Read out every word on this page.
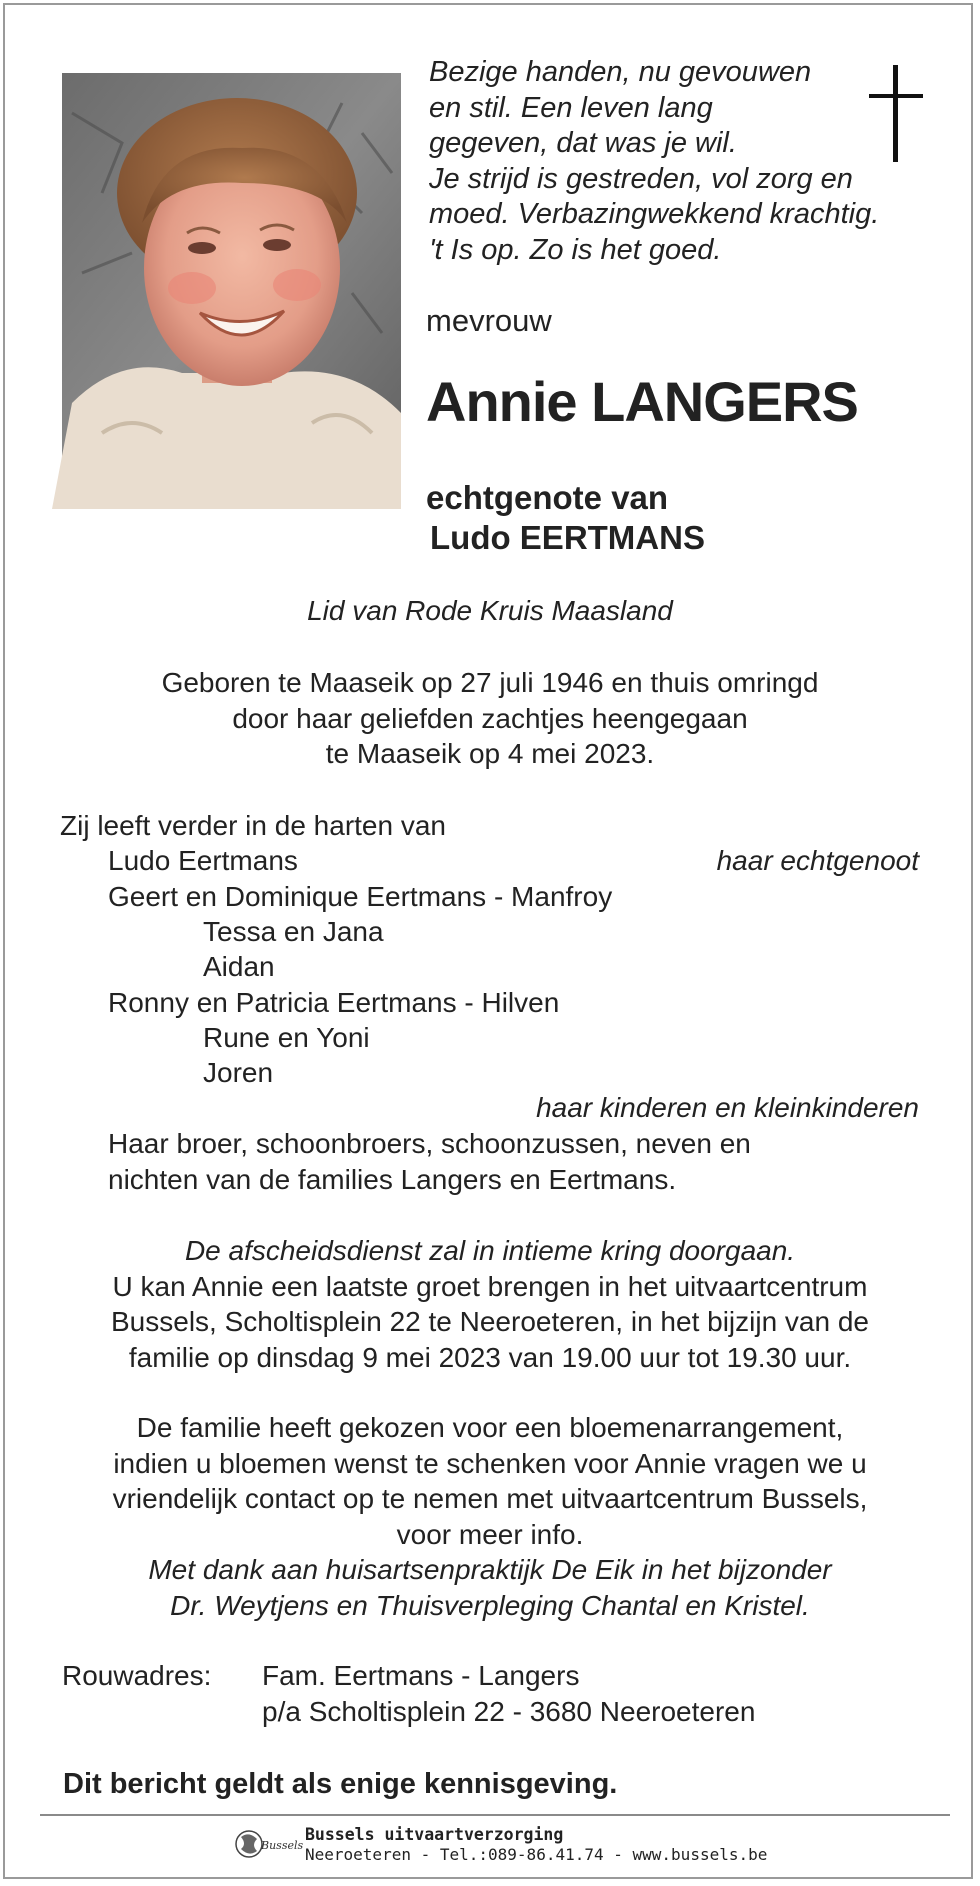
Bezige handen, nu gevouwen
en stil. Een leven lang
gegeven, dat was je wil.
Je strijd is gestreden, vol zorg en
moed. Verbazingwekkend krachtig.
't Is op. Zo is het goed.
mevrouw
Annie LANGERS
echtgenote van
Ludo EERTMANS
Lid van Rode Kruis Maasland
Geboren te Maaseik op 27 juli 1946 en thuis omringd
door haar geliefden zachtjes heengegaan
te Maaseik op 4 mei 2023.
Zij leeft verder in de harten van
Ludo Eertmans	haar echtgenoot
Geert en Dominique Eertmans - Manfroy
Tessa en Jana
Aidan
Ronny en Patricia Eertmans - Hilven
Rune en Yoni
Joren
haar kinderen en kleinkinderen
Haar broer, schoonbroers, schoonzussen, neven en
nichten van de families Langers en Eertmans.
De afscheidsdienst zal in intieme kring doorgaan.
U kan Annie een laatste groet brengen in het uitvaartcentrum
Bussels, Scholtisplein 22 te Neeroeteren, in het bijzijn van de
familie op dinsdag 9 mei 2023 van 19.00 uur tot 19.30 uur.
De familie heeft gekozen voor een bloemenarrangement,
indien u bloemen wenst te schenken voor Annie vragen we u
vriendelijk contact op te nemen met uitvaartcentrum Bussels,
voor meer info.
Met dank aan huisartsenpraktijk De Eik in het bijzonder
Dr. Weytjens en Thuisverpleging Chantal en Kristel.
Rouwadres: Fam. Eertmans - Langers
p/a Scholtisplein 22 - 3680 Neeroeteren
Dit bericht geldt als enige kennisgeving.
Bussels
Bussels uitvaartverzorging
Neeroeteren - Tel.:089-86.41.74 - www.bussels.be
